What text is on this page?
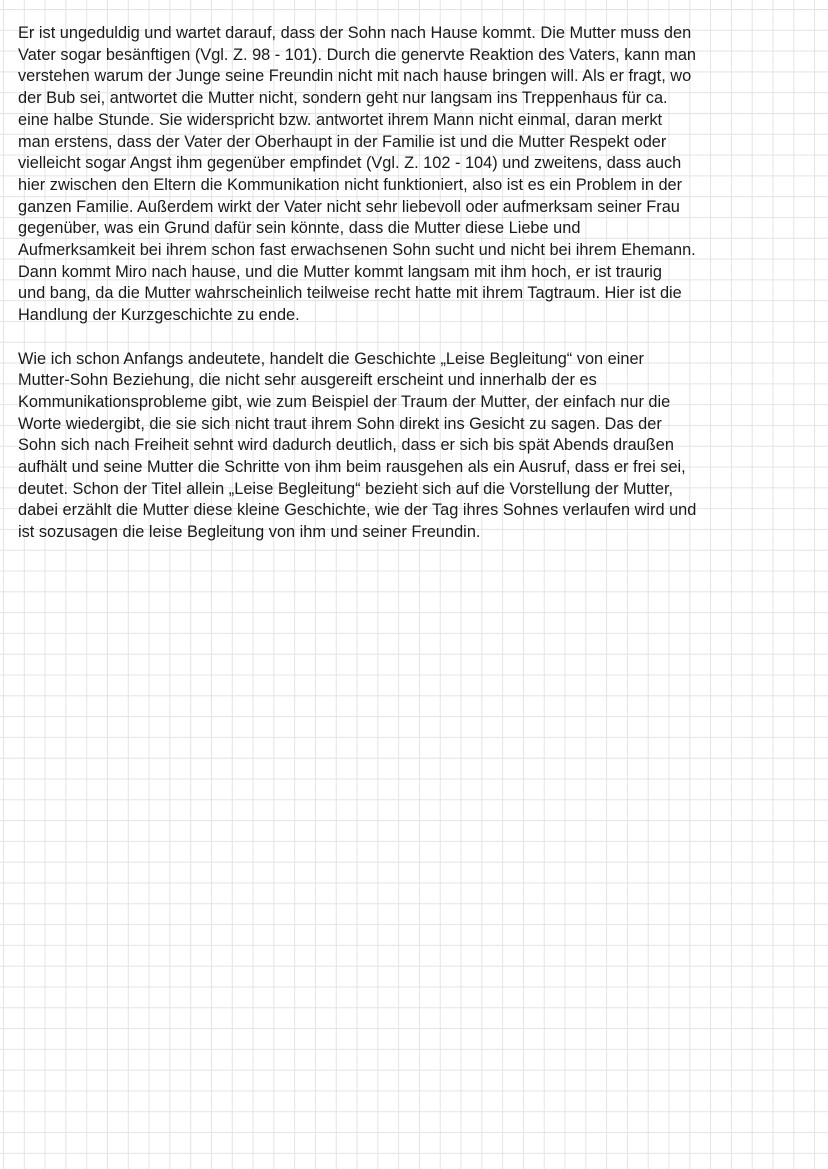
Er ist ungeduldig und wartet darauf, dass der Sohn nach Hause kommt. Die Mutter muss den
Vater sogar besänftigen (Vgl. Z. 98 - 101). Durch die genervte Reaktion des Vaters, kann man
verstehen warum der Junge seine Freundin nicht mit nach hause bringen will. Als er fragt, wo
der Bub sei, antwortet die Mutter nicht, sondern geht nur langsam ins Treppenhaus für ca.
eine halbe Stunde. Sie widerspricht bzw. antwortet ihrem Mann nicht einmal, daran merkt
man erstens, dass der Vater der Oberhaupt in der Familie ist und die Mutter Respekt oder
vielleicht sogar Angst ihm gegenüber empfindet (Vgl. Z. 102 - 104) und zweitens, dass auch
hier zwischen den Eltern die Kommunikation nicht funktioniert, also ist es ein Problem in der
ganzen Familie. Außerdem wirkt der Vater nicht sehr liebevoll oder aufmerksam seiner Frau
gegenüber, was ein Grund dafür sein könnte, dass die Mutter diese Liebe und
Aufmerksamkeit bei ihrem schon fast erwachsenen Sohn sucht und nicht bei ihrem Ehemann.
Dann kommt Miro nach hause, und die Mutter kommt langsam mit ihm hoch, er ist traurig
und bang, da die Mutter wahrscheinlich teilweise recht hatte mit ihrem Tagtraum. Hier ist die
Handlung der Kurzgeschichte zu ende.

Wie ich schon Anfangs andeutete, handelt die Geschichte „Leise Begleitung“ von einer
Mutter-Sohn Beziehung, die nicht sehr ausgereift erscheint und innerhalb der es
Kommunikationsprobleme gibt, wie zum Beispiel der Traum der Mutter, der einfach nur die
Worte wiedergibt, die sie sich nicht traut ihrem Sohn direkt ins Gesicht zu sagen. Das der
Sohn sich nach Freiheit sehnt wird dadurch deutlich, dass er sich bis spät Abends draußen
aufhält und seine Mutter die Schritte von ihm beim rausgehen als ein Ausruf, dass er frei sei,
deutet. Schon der Titel allein „Leise Begleitung“ bezieht sich auf die Vorstellung der Mutter,
dabei erzählt die Mutter diese kleine Geschichte, wie der Tag ihres Sohnes verlaufen wird und
ist sozusagen die leise Begleitung von ihm und seiner Freundin.
